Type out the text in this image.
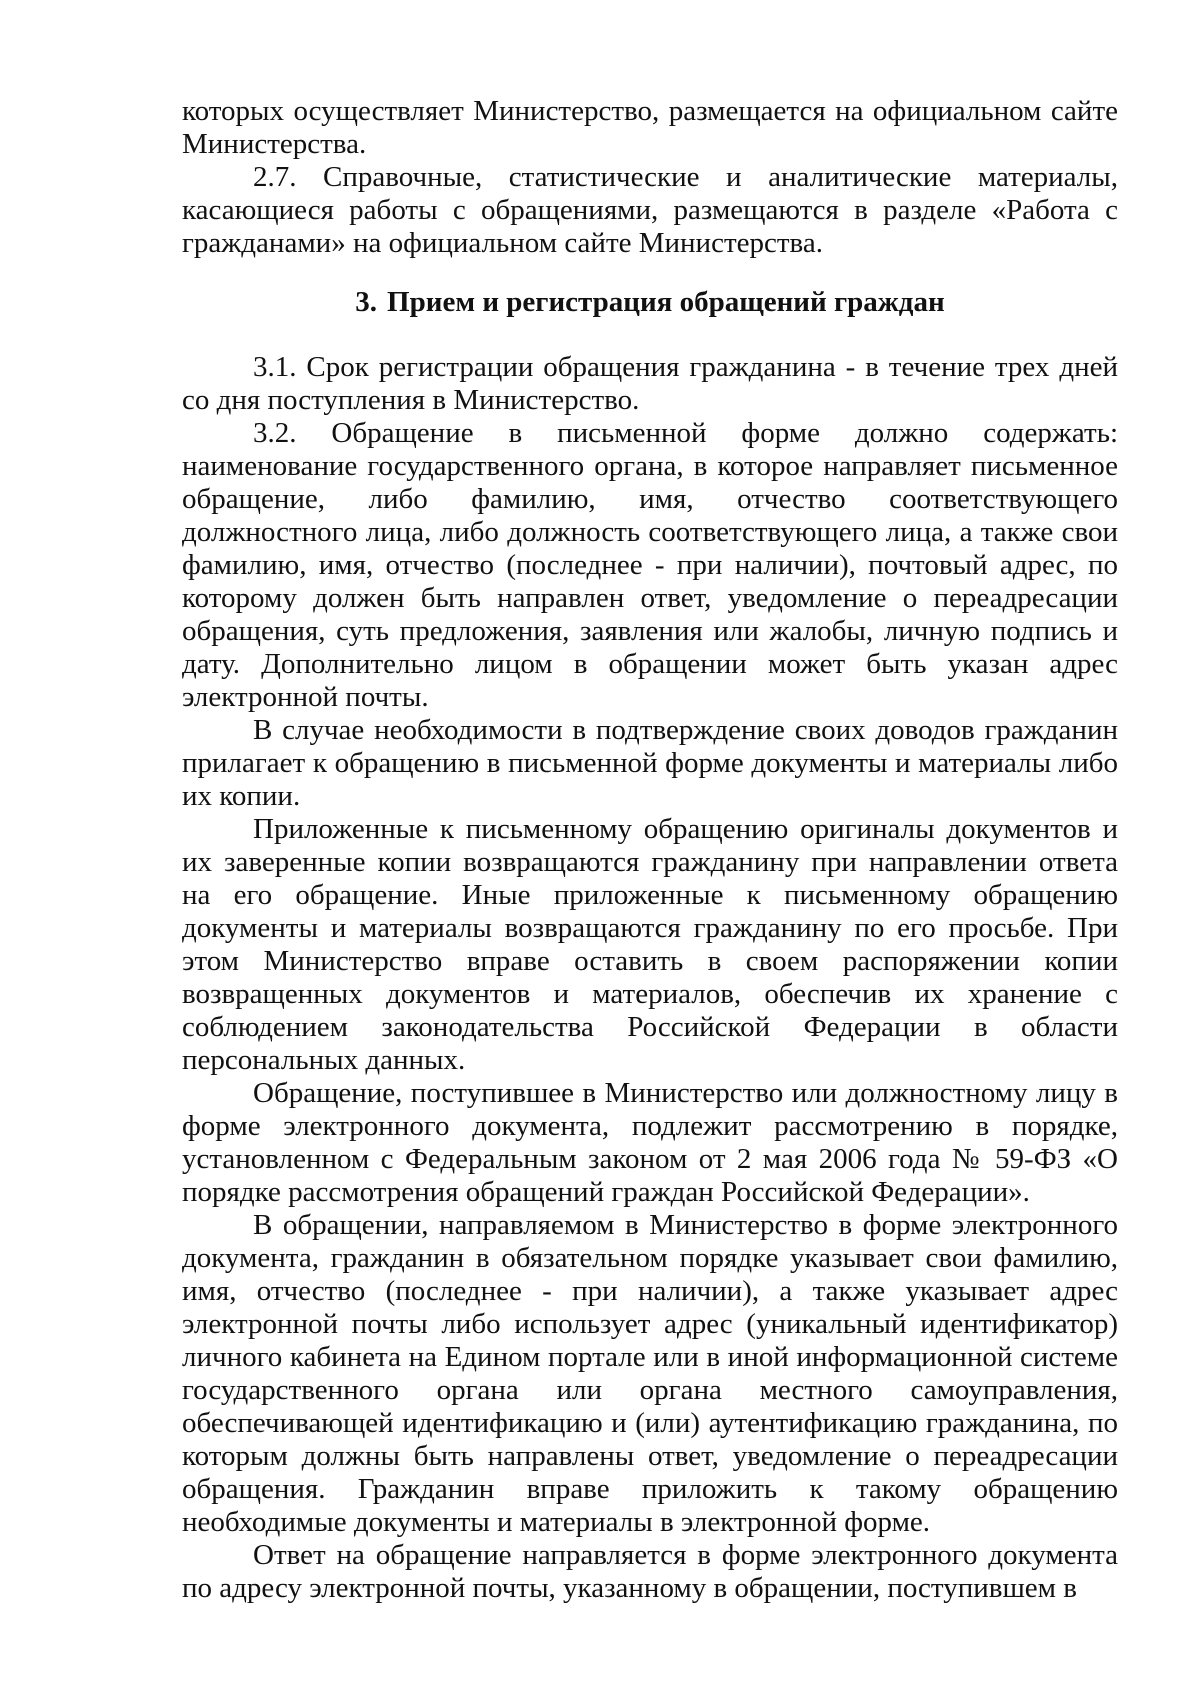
которых осуществляет Министерство, размещается на официальном сайте Министерства.

2.7. Справочные, статистические и аналитические материалы, касающиеся работы с обращениями, размещаются в разделе «Работа с гражданами» на официальном сайте Министерства.

3. Прием и регистрация обращений граждан

3.1. Срок регистрации обращения гражданина - в течение трех дней со дня поступления в Министерство.

3.2. Обращение в письменной форме должно содержать: наименование государственного органа, в которое направляет письменное обращение, либо фамилию, имя, отчество соответствующего должностного лица, либо должность соответствующего лица, а также свои фамилию, имя, отчество (последнее - при наличии), почтовый адрес, по которому должен быть направлен ответ, уведомление о переадресации обращения, суть предложения, заявления или жалобы, личную подпись и дату. Дополнительно лицом в обращении может быть указан адрес электронной почты.

В случае необходимости в подтверждение своих доводов гражданин прилагает к обращению в письменной форме документы и материалы либо их копии.

Приложенные к письменному обращению оригиналы документов и их заверенные копии возвращаются гражданину при направлении ответа на его обращение. Иные приложенные к письменному обращению документы и материалы возвращаются гражданину по его просьбе. При этом Министерство вправе оставить в своем распоряжении копии возвращенных документов и материалов, обеспечив их хранение с соблюдением законодательства Российской Федерации в области персональных данных.

Обращение, поступившее в Министерство или должностному лицу в форме электронного документа, подлежит рассмотрению в порядке, установленном с Федеральным законом от 2 мая 2006 года № 59-ФЗ «О порядке рассмотрения обращений граждан Российской Федерации».

В обращении, направляемом в Министерство в форме электронного документа, гражданин в обязательном порядке указывает свои фамилию, имя, отчество (последнее - при наличии), а также указывает адрес электронной почты либо использует адрес (уникальный идентификатор) личного кабинета на Едином портале или в иной информационной системе государственного органа или органа местного самоуправления, обеспечивающей идентификацию и (или) аутентификацию гражданина, по которым должны быть направлены ответ, уведомление о переадресации обращения. Гражданин вправе приложить к такому обращению необходимые документы и материалы в электронной форме.

Ответ на обращение направляется в форме электронного документа по адресу электронной почты, указанному в обращении, поступившем в
